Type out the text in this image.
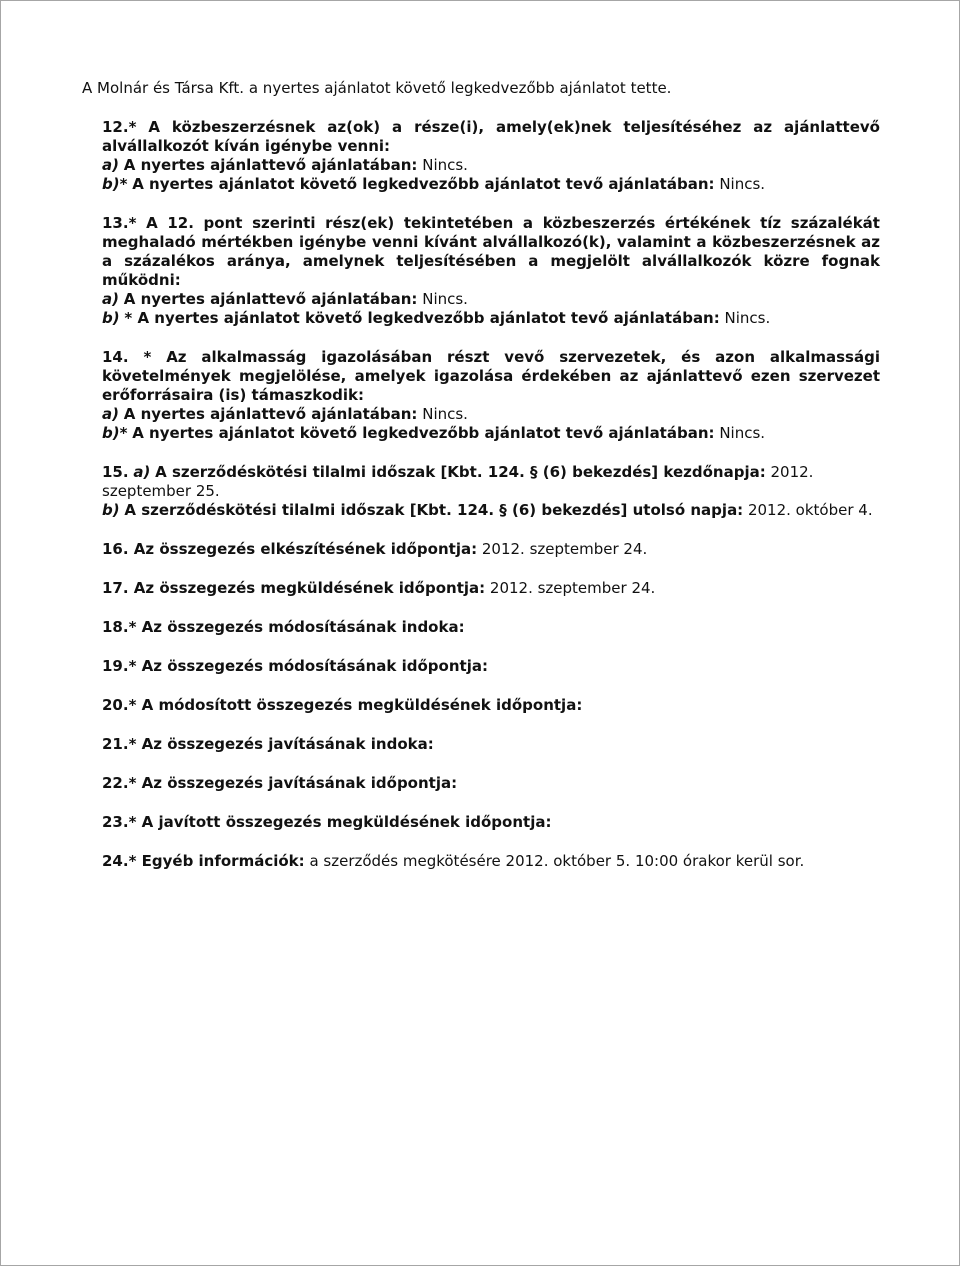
A Molnár és Társa Kft. a nyertes ajánlatot követő legkedvezőbb ajánlatot tette.

12.* A közbeszerzésnek az(ok) a része(i), amely(ek)nek teljesítéséhez az ajánlattevő alvállalkozót kíván igénybe venni:

a) A nyertes ajánlattevő ajánlatában: Nincs.

b)* A nyertes ajánlatot követő legkedvezőbb ajánlatot tevő ajánlatában: Nincs.

13.* A 12. pont szerinti rész(ek) tekintetében a közbeszerzés értékének tíz százalékát meghaladó mértékben igénybe venni kívánt alvállalkozó(k), valamint a közbeszerzésnek az a százalékos aránya, amelynek teljesítésében a megjelölt alvállalkozók közre fognak működni:

a) A nyertes ajánlattevő ajánlatában: Nincs.

b) * A nyertes ajánlatot követő legkedvezőbb ajánlatot tevő ajánlatában: Nincs.

14. * Az alkalmasság igazolásában részt vevő szervezetek, és azon alkalmassági követelmények megjelölése, amelyek igazolása érdekében az ajánlattevő ezen szervezet erőforrásaira (is) támaszkodik:

a) A nyertes ajánlattevő ajánlatában: Nincs.

b)* A nyertes ajánlatot követő legkedvezőbb ajánlatot tevő ajánlatában: Nincs.

15. a) A szerződéskötési tilalmi időszak [Kbt. 124. § (6) bekezdés] kezdőnapja: 2012. szeptember 25.

b) A szerződéskötési tilalmi időszak [Kbt. 124. § (6) bekezdés] utolsó napja: 2012. október 4.

16. Az összegezés elkészítésének időpontja: 2012. szeptember 24.

17. Az összegezés megküldésének időpontja: 2012. szeptember 24.

18.* Az összegezés módosításának indoka:

19.* Az összegezés módosításának időpontja:

20.* A módosított összegezés megküldésének időpontja:

21.* Az összegezés javításának indoka:

22.* Az összegezés javításának időpontja:

23.* A javított összegezés megküldésének időpontja:

24.* Egyéb információk: a szerződés megkötésére 2012. október 5. 10:00 órakor kerül sor.
